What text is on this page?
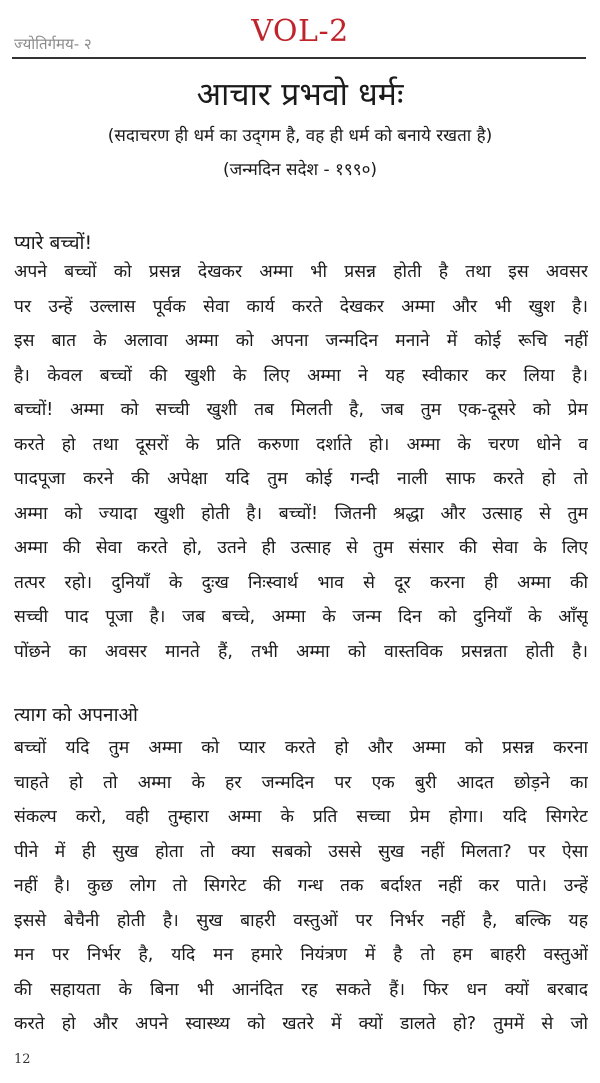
ज्योतिर्गमय- २	VOL-2
आचार प्रभवो धर्मः
(सदाचरण ही धर्म का उद्‌गम है, वह ही धर्म को बनाये रखता है)
(जन्मदिन सदेश - १९९०)
प्यारे बच्चों!
अपने बच्चों को प्रसन्न देखकर अम्मा भी प्रसन्न होती है तथा इस अवसर
पर उन्हें उल्लास पूर्वक सेवा कार्य करते देखकर अम्मा और भी खुश है।
इस बात के अलावा अम्मा को अपना जन्मदिन मनाने में कोई रूचि नहीं
है। केवल बच्चों की खुशी के लिए अम्मा ने यह स्वीकार कर लिया है।
बच्चों! अम्मा को सच्ची खुशी तब मिलती है, जब तुम एक-दूसरे को प्रेम
करते हो तथा दूसरों के प्रति करुणा दर्शाते हो। अम्मा के चरण धोने व
पादपूजा करने की अपेक्षा यदि तुम कोई गन्दी नाली साफ करते हो तो
अम्मा को ज्यादा खुशी होती है। बच्चों! जितनी श्रद्धा और उत्साह से तुम
अम्मा की सेवा करते हो, उतने ही उत्साह से तुम संसार की सेवा के लिए
तत्पर रहो। दुनियाँ के दुःख निःस्वार्थ भाव से दूर करना ही अम्मा की
सच्ची पाद पूजा है। जब बच्चे, अम्मा के जन्म दिन को दुनियाँ के आँसू
पोंछने का अवसर मानते हैं, तभी अम्मा को वास्तविक प्रसन्नता होती है।
त्याग को अपनाओ
बच्चों यदि तुम अम्मा को प्यार करते हो और अम्मा को प्रसन्न करना
चाहते हो तो अम्मा के हर जन्मदिन पर एक बुरी आदत छोड़ने का
संकल्प करो, वही तुम्हारा अम्मा के प्रति सच्चा प्रेम होगा। यदि सिगरेट
पीने में ही सुख होता तो क्या सबको उससे सुख नहीं मिलता? पर ऐसा
नहीं है। कुछ लोग तो सिगरेट की गन्ध तक बर्दाश्त नहीं कर पाते। उन्हें
इससे बेचैनी होती है। सुख बाहरी वस्तुओं पर निर्भर नहीं है, बल्कि यह
मन पर निर्भर है, यदि मन हमारे नियंत्रण में है तो हम बाहरी वस्तुओं
की सहायता के बिना भी आनंदित रह सकते हैं। फिर धन क्यों बरबाद
करते हो और अपने स्वास्थ्य को खतरे में क्यों डालते हो? तुममें से जो
12
